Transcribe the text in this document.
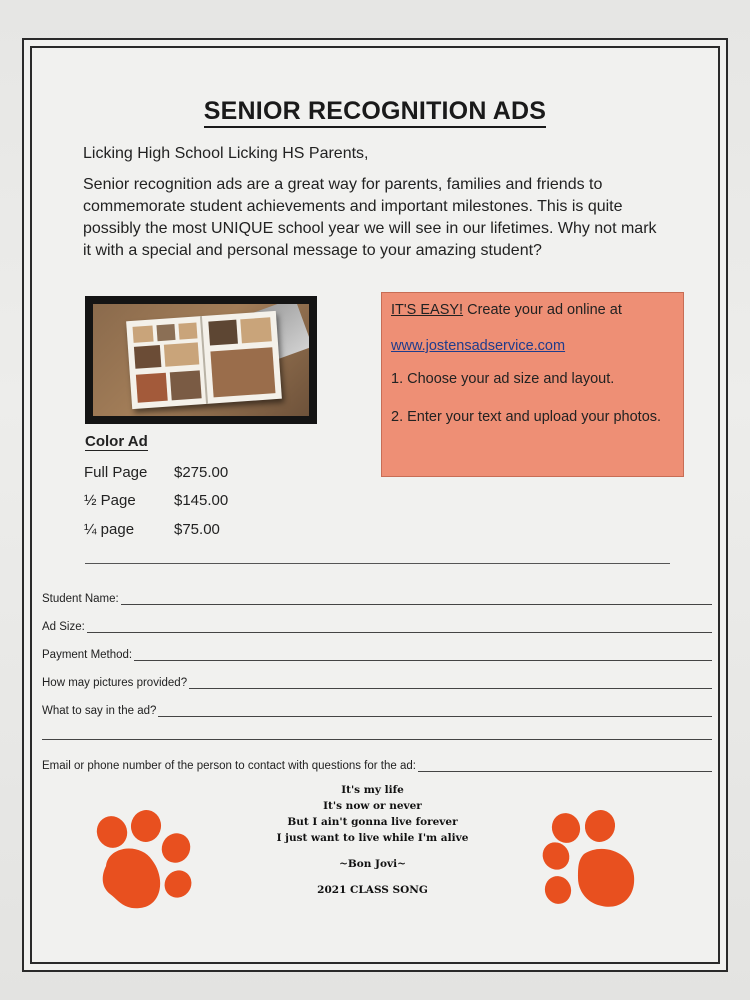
SENIOR RECOGNITION ADS
Licking High School Licking HS Parents,
Senior recognition ads are a great way for parents, families and friends to commemorate student achievements and important milestones. This is quite possibly the most UNIQUE school year we will see in our lifetimes. Why not mark it with a special and personal message to your amazing student?
Color Ad
Full Page $275.00
½ Page	$145.00
¼ page	$75.00

IT'S EASY! Create your ad online at

www.jostensadservice.com

1. Choose your ad size and layout.

2. Enter your text and upload your photos.

Student Name:
Ad Size:
Payment Method:
How may pictures provided?
What to say in the ad?
Email or phone number of the person to contact with questions for the ad:
It's my life
It's now or never
But I ain't gonna live forever
I just want to live while I'm alive
~Bon Jovi~
2021 CLASS SONG
